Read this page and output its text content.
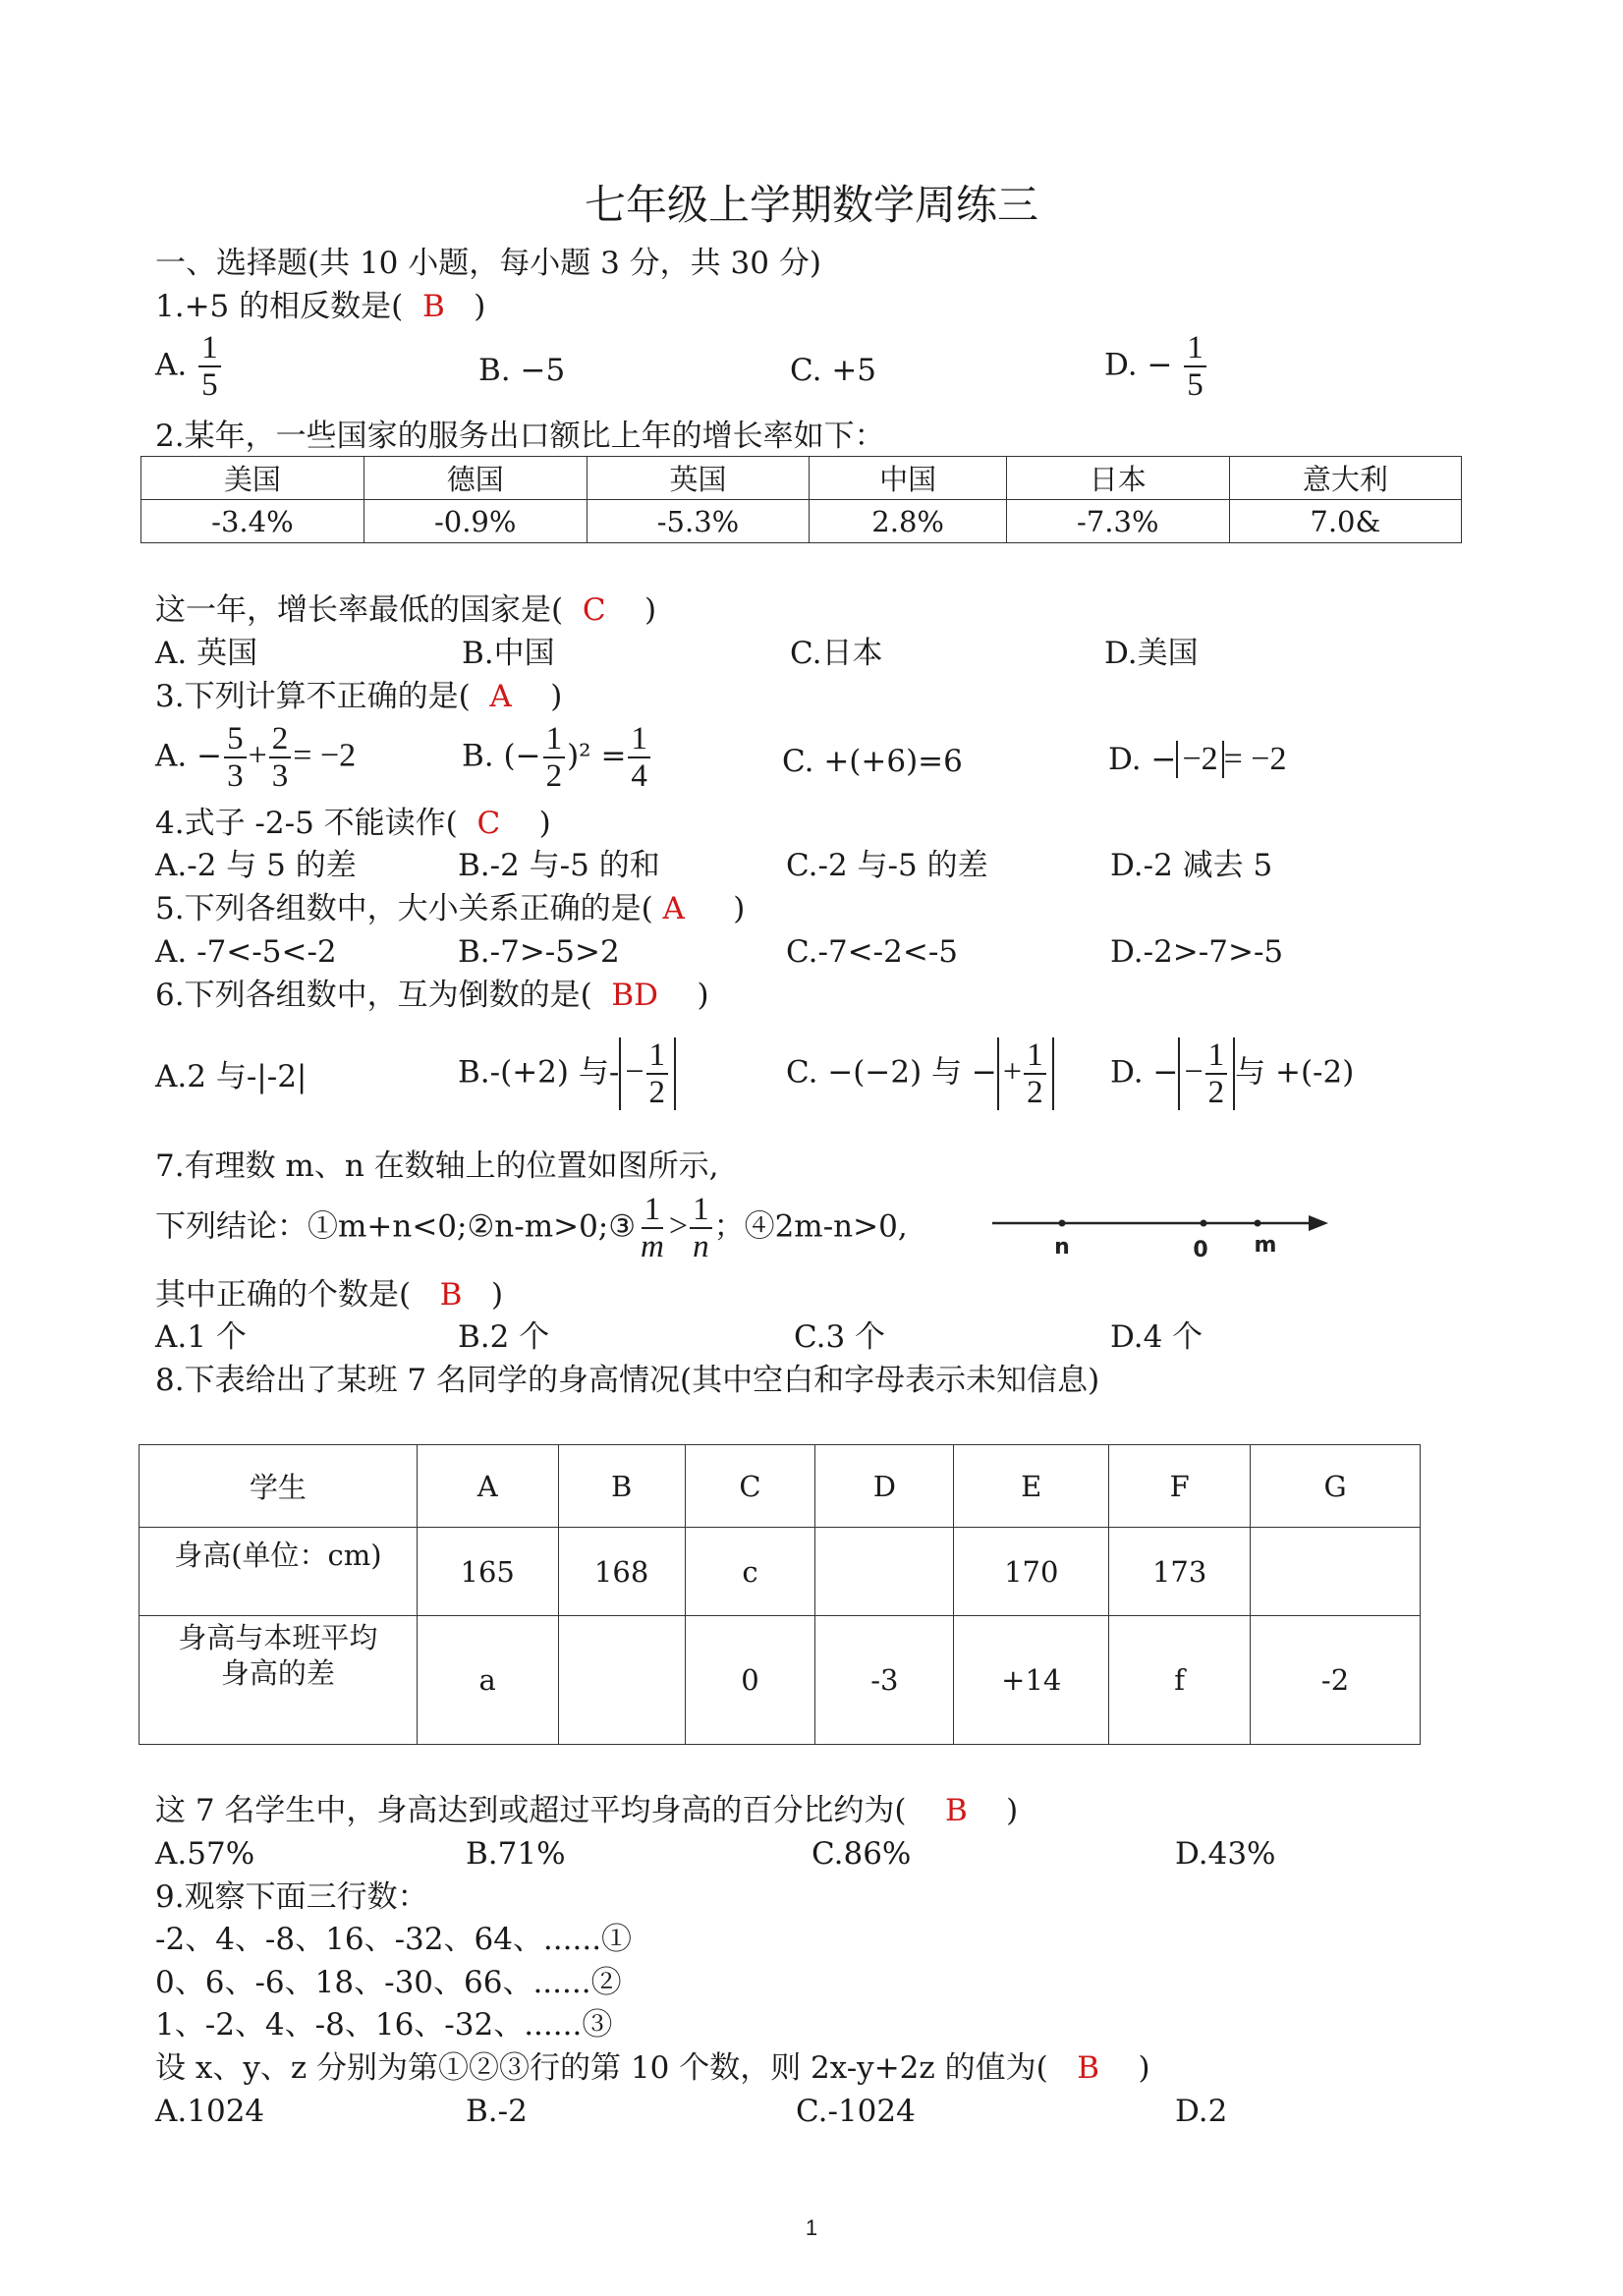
七年级上学期数学周练三
一、选择题(共 10 小题，每小题 3 分，共 30 分)
1.+5 的相反数是( B )
A. $\frac{1}{5}$	B. −5	C. +5	D. − $\frac{1}{5}$
2.某年，一些国家的服务出口额比上年的增长率如下：
美国	德国	英国	中国	日本	意大利
-3.4%	-0.9%	-5.3%	2.8%	-7.3%	7.0&
这一年，增长率最低的国家是( C )
A. 英国	B.中国	C.日本	D.美国
3.下列计算不正确的是( A )
A. − $\frac{5}{3} + \frac{2}{3} = -2$	B. (− $\frac{1}{2} )^2 = \frac{1}{4}$	C. +(+6)=6	D. − −2 = −2
4.式子 -2-5 不能读作( C )
A.-2 与 5 的差	B.-2 与-5 的和	C.-2 与-5 的差	D.-2 减去 5
5.下列各组数中，大小关系正确的是( A )
A. -7<-5<-2	B.-7>-5>2	C.-7<-2<-5	D.-2>-7>-5
6.下列各组数中，互为倒数的是( BD )
A.2 与-|-2|	B.-(+2) 与- − $\frac{1}{2}$	C. −(−2) 与 − + $\frac{1}{2} D$. − − $\frac{1}{2}$ 与 +(-2)
7.有理数 m、n 在数轴上的位置如图所示,
下列结论：①m+n<0;②n-m>0;③ $\frac{1}{m} > \frac{1}{n}$ ；④2m-n>0,
n	0 m
其中正确的个数是( B )
A.1 个	B.2 个	C.3 个	D.4 个
8.下表给出了某班 7 名同学的身高情况(其中空白和字母表示未知信息)
学生	A	B	C	D	E	F	G
身高(单位：cm)	165	168	c		170	173	

身高与本班平均
身高的差	a		0	-3	+14	f	-2
这 7 名学生中，身高达到或超过平均身高的百分比约为( B )
A.57%	B.71%	C.86%	D.43%
9.观察下面三行数：
-2、4、-8、16、-32、64、......①
0、6、-6、18、-30、66、......②
1、-2、4、-8、16、-32、......③
设 x、y、z 分别为第①②③行的第 10 个数，则 2x-y+2z 的值为( B )
A.1024	B.-2	C.-1024	D.2
1
